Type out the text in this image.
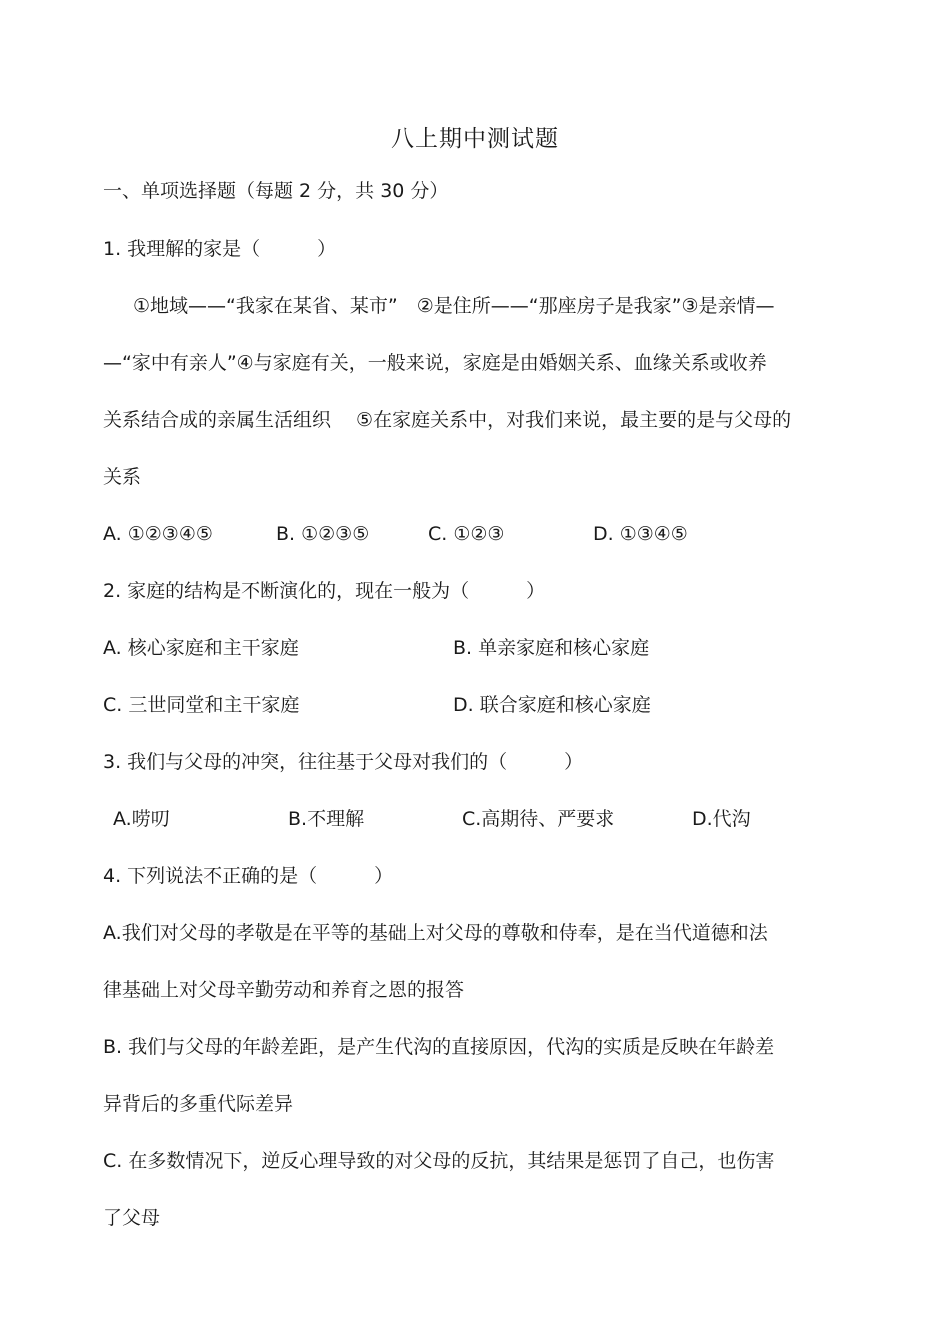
八上期中测试题
一、单项选择题（每题 2 分，共 30 分）
1. 我理解的家是（　　　）
①地域——“我家在某省、某市”　②是住所——“那座房子是我家”③是亲情—
—“家中有亲人”④与家庭有关，一般来说，家庭是由婚姻关系、血缘关系或收养
关系结合成的亲属生活组织　 ⑤在家庭关系中，对我们来说，最主要的是与父母的
关系
A. ①②③④⑤	B. ①②③⑤	C. ①②③	D. ①③④⑤
2. 家庭的结构是不断演化的，现在一般为（　　　）
A. 核心家庭和主干家庭	B. 单亲家庭和核心家庭
C. 三世同堂和主干家庭	D. 联合家庭和核心家庭
3. 我们与父母的冲突，往往基于父母对我们的（　　　）
A.唠叨	B.不理解	C.高期待、严要求	D.代沟
4. 下列说法不正确的是（　　　）
A.我们对父母的孝敬是在平等的基础上对父母的尊敬和侍奉，是在当代道德和法
律基础上对父母辛勤劳动和养育之恩的报答
B. 我们与父母的年龄差距，是产生代沟的直接原因，代沟的实质是反映在年龄差
异背后的多重代际差异
C. 在多数情况下，逆反心理导致的对父母的反抗，其结果是惩罚了自己，也伤害
了父母
